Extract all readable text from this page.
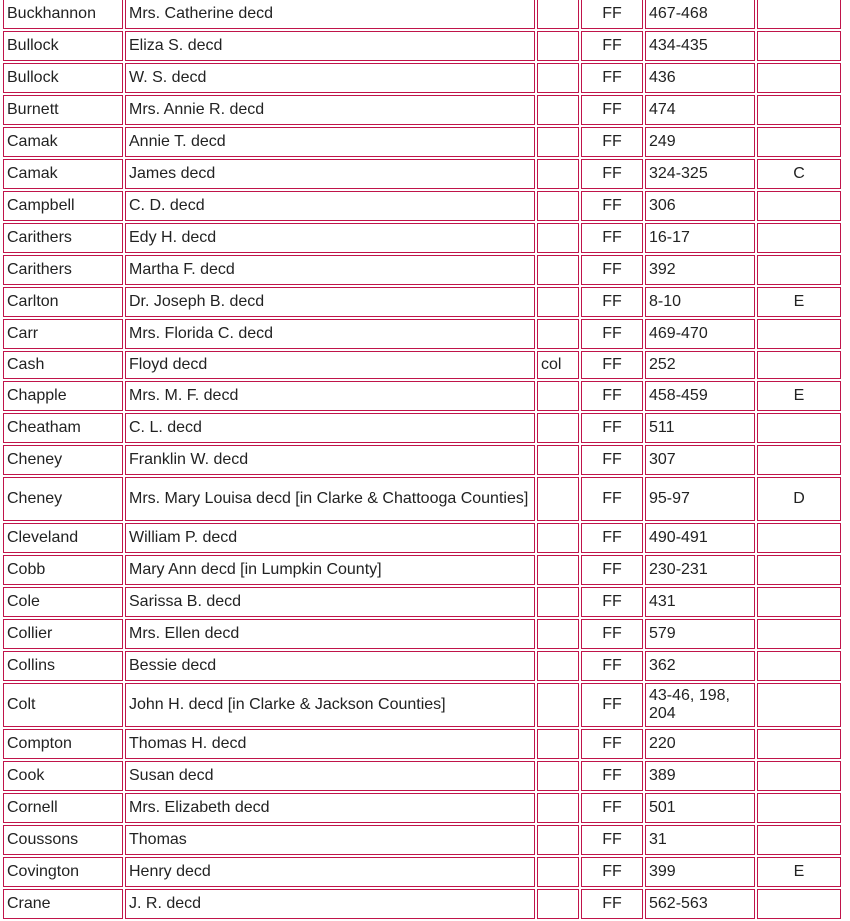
Buckhannon	Mrs. Catherine decd		FF	467-468	
Bullock	Eliza S. decd		FF	434-435	
Bullock	W. S. decd		FF	436	
Burnett	Mrs. Annie R. decd		FF	474	
Camak	Annie T. decd		FF	249	
Camak	James decd		FF	324-325	C
Campbell	C. D. decd		FF	306	
Carithers	Edy H. decd		FF	16-17	
Carithers	Martha F. decd		FF	392	
Carlton	Dr. Joseph B. decd		FF	8-10	E
Carr	Mrs. Florida C. decd		FF	469-470	
Cash	Floyd decd	col	FF	252	
Chapple	Mrs. M. F. decd		FF	458-459	E
Cheatham	C. L. decd		FF	511	
Cheney	Franklin W. decd		FF	307	
Cheney	Mrs. Mary Louisa decd [in Clarke & Chattooga Counties]		FF	95-97	D
Cleveland	William P. decd		FF	490-491	
Cobb	Mary Ann decd [in Lumpkin County]		FF	230-231	
Cole	Sarissa B. decd		FF	431	
Collier	Mrs. Ellen decd		FF	579	
Collins	Bessie decd		FF	362	
Colt	John H. decd [in Clarke & Jackson Counties]		FF	43-46, 198, 204	
Compton	Thomas H. decd		FF	220	
Cook	Susan decd		FF	389	
Cornell	Mrs. Elizabeth decd		FF	501	
Coussons	Thomas		FF	31	
Covington	Henry decd		FF	399	E
Crane	J. R. decd		FF	562-563	
